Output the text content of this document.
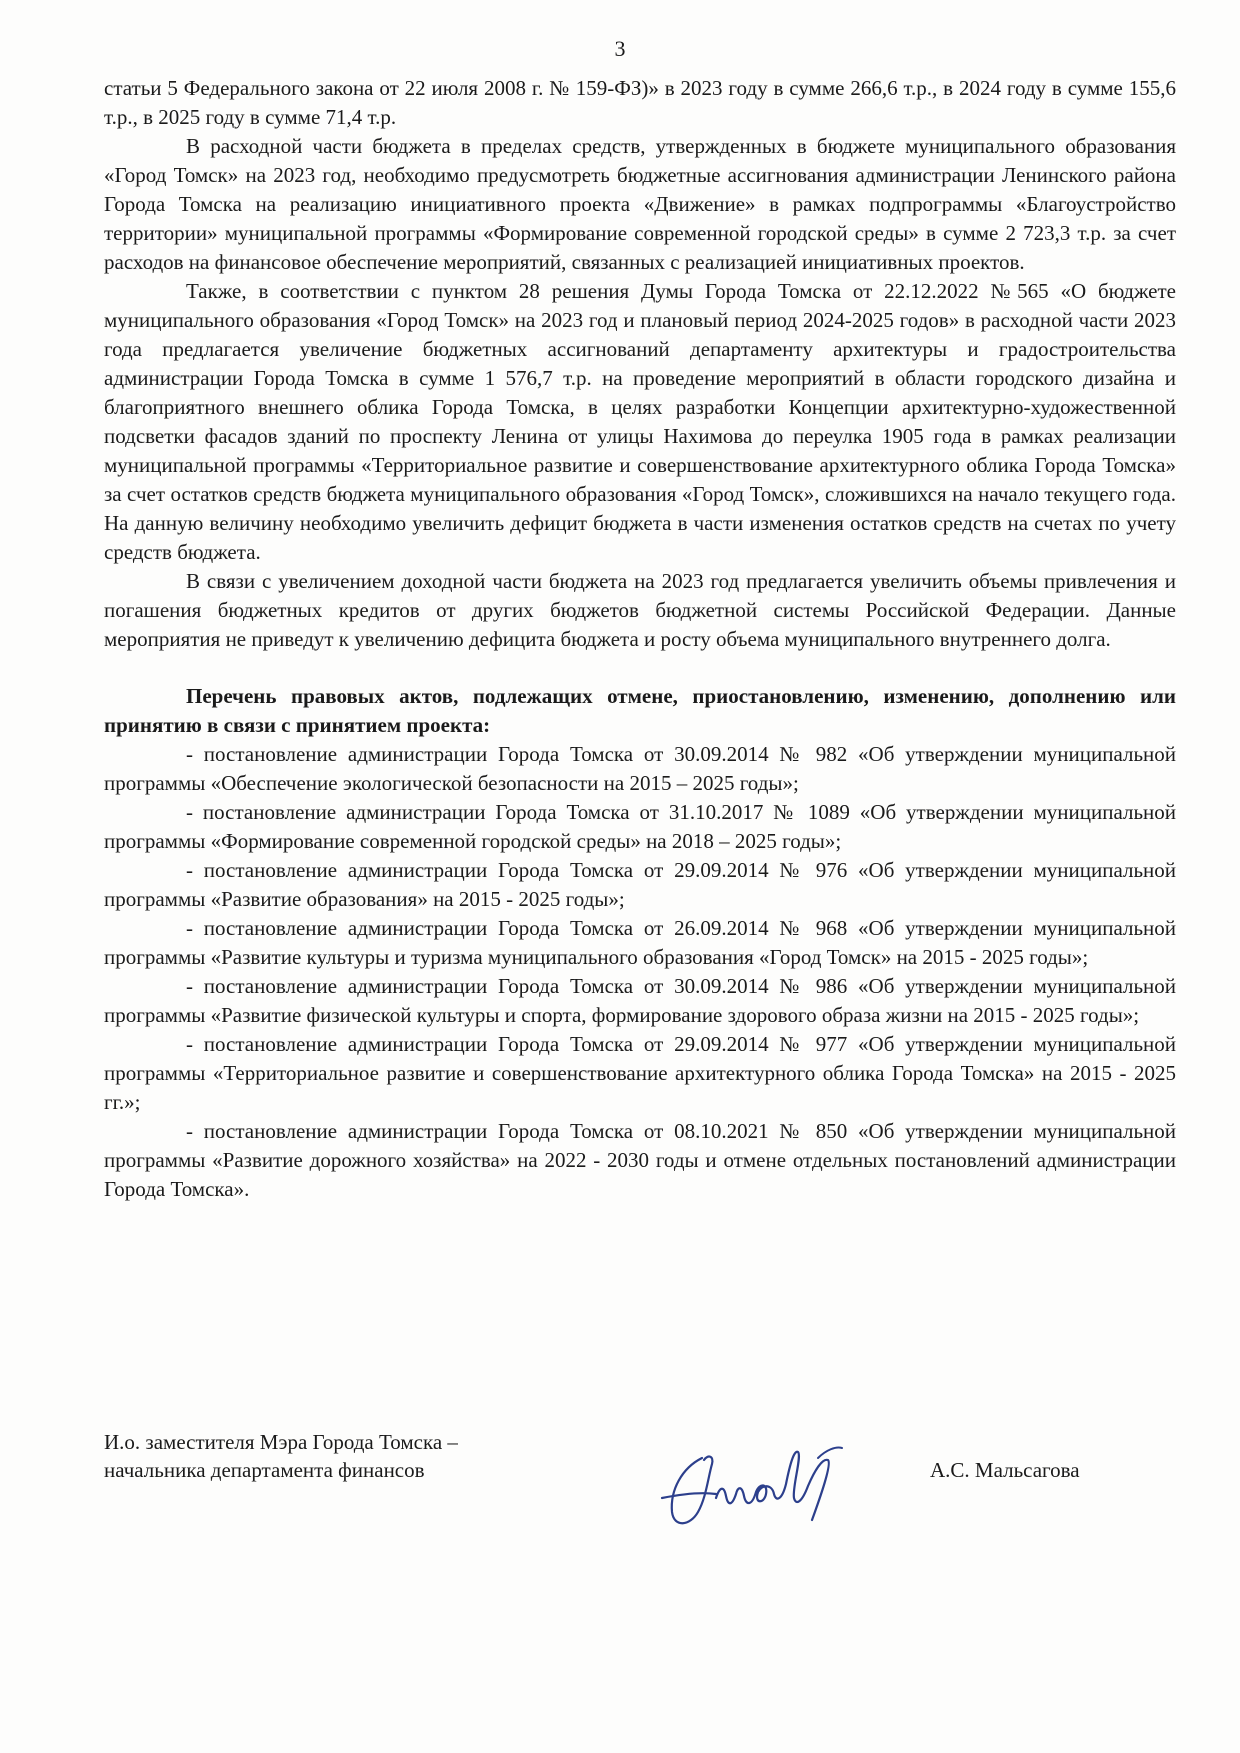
3

статьи 5 Федерального закона от 22 июля 2008 г. № 159-ФЗ)» в 2023 году в сумме 266,6 т.р., в 2024 году в сумме 155,6 т.р., в 2025 году в сумме 71,4 т.р.

В расходной части бюджета в пределах средств, утвержденных в бюджете муниципального образования «Город Томск» на 2023 год, необходимо предусмотреть бюджетные ассигнования администрации Ленинского района Города Томска на реализацию инициативного проекта «Движение» в рамках подпрограммы «Благоустройство территории» муниципальной программы «Формирование современной городской среды» в сумме 2 723,3 т.р. за счет расходов на финансовое обеспечение мероприятий, связанных с реализацией инициативных проектов.

Также, в соответствии с пунктом 28 решения Думы Города Томска от 22.12.2022 №565 «О бюджете муниципального образования «Город Томск» на 2023 год и плановый период 2024-2025 годов» в расходной части 2023 года предлагается увеличение бюджетных ассигнований департаменту архитектуры и градостроительства администрации Города Томска в сумме 1 576,7 т.р. на проведение мероприятий в области городского дизайна и благоприятного внешнего облика Города Томска, в целях разработки Концепции архитектурно-художественной подсветки фасадов зданий по проспекту Ленина от улицы Нахимова до переулка 1905 года в рамках реализации муниципальной программы «Территориальное развитие и совершенствование архитектурного облика Города Томска» за счет остатков средств бюджета муниципального образования «Город Томск», сложившихся на начало текущего года. На данную величину необходимо увеличить дефицит бюджета в части изменения остатков средств на счетах по учету средств бюджета.

В связи с увеличением доходной части бюджета на 2023 год предлагается увеличить объемы привлечения и погашения бюджетных кредитов от других бюджетов бюджетной системы Российской Федерации. Данные мероприятия не приведут к увеличению дефицита бюджета и росту объема муниципального внутреннего долга.

Перечень правовых актов, подлежащих отмене, приостановлению, изменению, дополнению или принятию в связи с принятием проекта:

- постановление администрации Города Томска от 30.09.2014 № 982 «Об утверждении муниципальной программы «Обеспечение экологической безопасности на 2015 – 2025 годы»;

- постановление администрации Города Томска от 31.10.2017 № 1089 «Об утверждении муниципальной программы «Формирование современной городской среды» на 2018 – 2025 годы»;

- постановление администрации Города Томска от 29.09.2014 № 976 «Об утверждении муниципальной программы «Развитие образования» на 2015 - 2025 годы»;

- постановление администрации Города Томска от 26.09.2014 № 968 «Об утверждении муниципальной программы «Развитие культуры и туризма муниципального образования «Город Томск» на 2015 - 2025 годы»;

- постановление администрации Города Томска от 30.09.2014 № 986 «Об утверждении муниципальной программы «Развитие физической культуры и спорта, формирование здорового образа жизни на 2015 - 2025 годы»;

- постановление администрации Города Томска от 29.09.2014 № 977 «Об утверждении муниципальной программы «Территориальное развитие и совершенствование архитектурного облика Города Томска» на 2015 - 2025 гг.»;

- постановление администрации Города Томска от 08.10.2021 № 850 «Об утверждении муниципальной программы «Развитие дорожного хозяйства» на 2022 - 2030 годы и отмене отдельных постановлений администрации Города Томска».

И.о. заместителя Мэра Города Томска –

начальника департамента финансов	А.С. Мальсагова
